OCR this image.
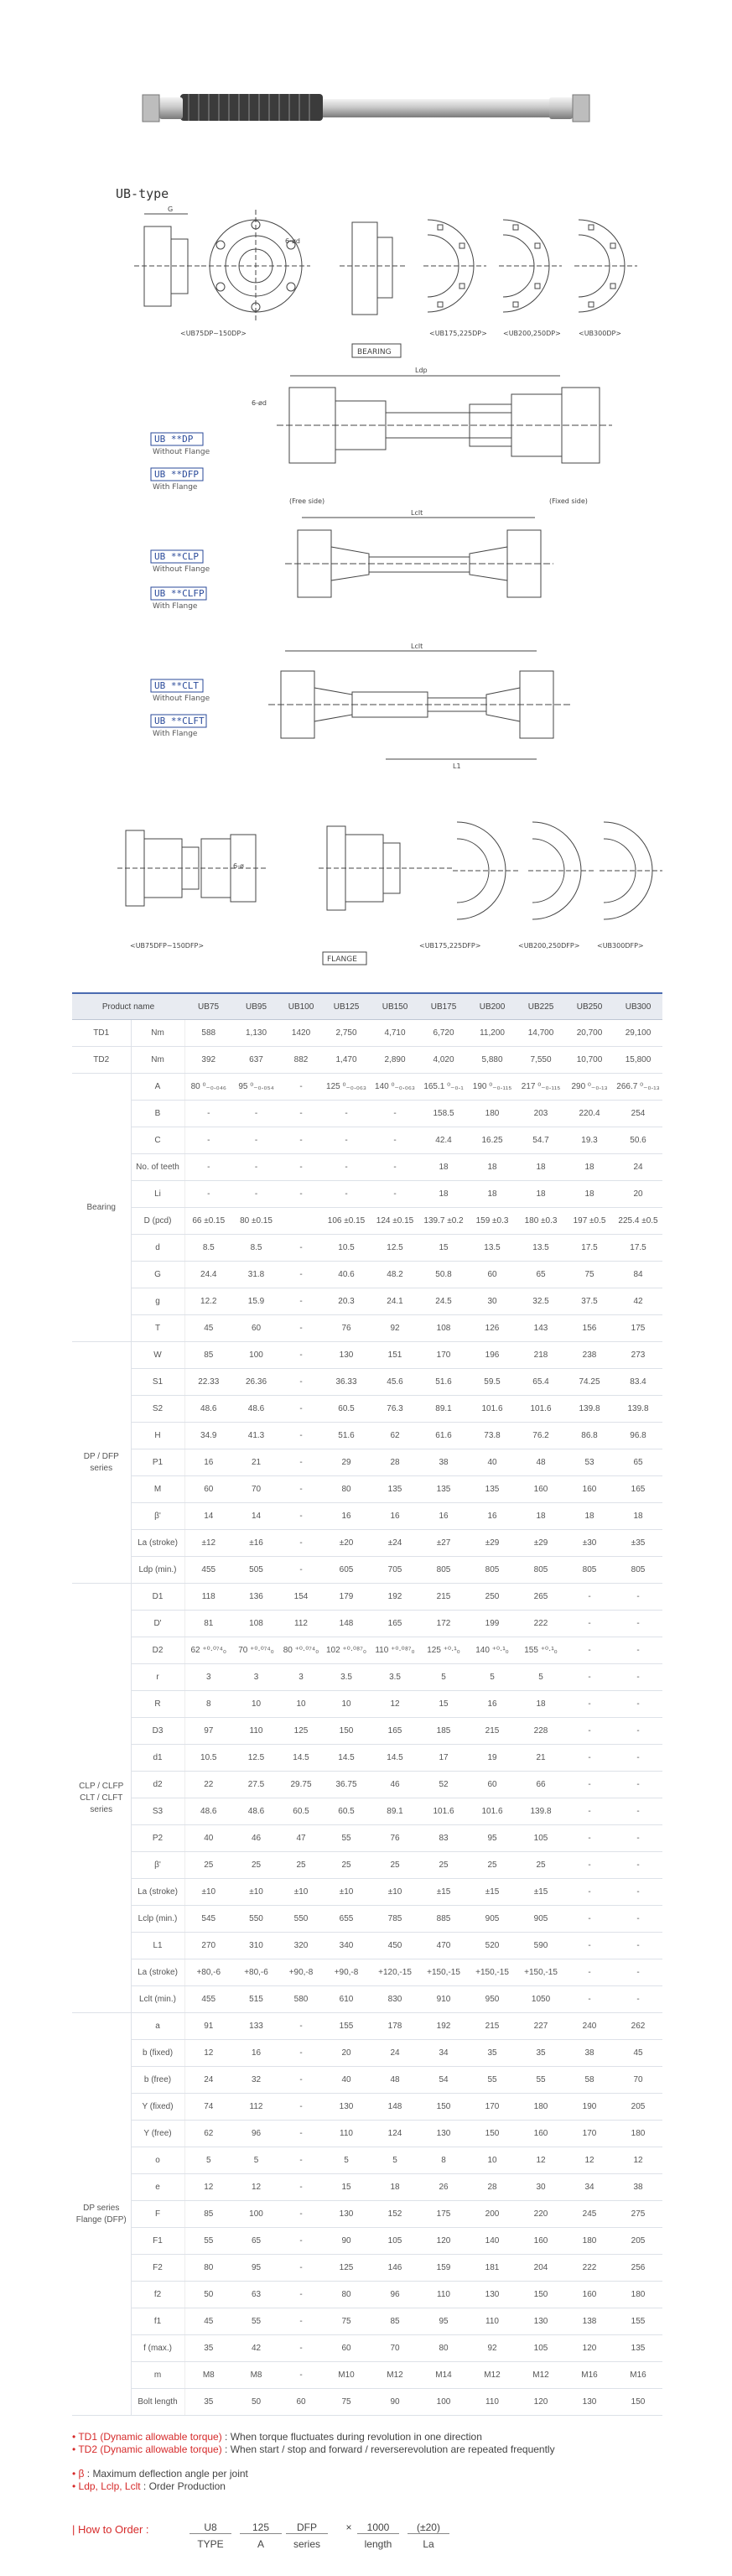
UB-type
G
6-ød
<UB75DP~150DP>	<UB175,225DP> <UB200,250DP>	<UB300DP>
BEARING
Ldp
6-ød
(Free side)	(Fixed side)
UB **DP
Without Flange
UB **DFP
With Flange
Lclt
UB **CLP
Without Flange
UB **CLFP
With Flange
Lclt
L1
UB **CLT
Without Flange
UB **CLFT
With Flange
6-ø
<UB75DFP~150DFP>
FLANGE
<UB175,225DFP>	<UB200,250DFP>	<UB300DFP>
Product name		UB75	UB95	UB100	UB125	UB150	UB175	UB200	UB225	UB250	UB300
TD1	Nm	588	1,130	1420	2,750	4,710	6,720	11,200	14,700	20,700	29,100
TD2	Nm	392	637	882	1,470	2,890	4,020	5,880	7,550	10,700	15,800
Bearing	A	80 ⁰₋₀.₀₄₆	95 ⁰₋₀.₀₅₄	-	125 ⁰₋₀.₀₆₃	140 ⁰₋₀.₀₆₃	165.1 ⁰₋₀.₁	190 ⁰₋₀.₁₁₅	217 ⁰₋₀.₁₁₅	290 ⁰₋₀.₁₃	266.7 ⁰₋₀.₁₃
	B	-	-	-	-	-	158.5	180	203	220.4	254
	C	-	-	-	-	-	42.4	16.25	54.7	19.3	50.6
	No. of teeth	-	-	-	-	-	18	18	18	18	24
	Li	-	-	-	-	-	18	18	18	18	20
	D (pcd)	66 ±0.15	80 ±0.15		106 ±0.15	124 ±0.15	139.7 ±0.2	159 ±0.3	180 ±0.3	197 ±0.5	225.4 ±0.5
	d	8.5	8.5	-	10.5	12.5	15	13.5	13.5	17.5	17.5
	G	24.4	31.8	-	40.6	48.2	50.8	60	65	75	84
	g	12.2	15.9	-	20.3	24.1	24.5	30	32.5	37.5	42
	T	45	60	-	76	92	108	126	143	156	175
DP / DFP series	W	85	100	-	130	151	170	196	218	238	273
	S1	22.33	26.36	-	36.33	45.6	51.6	59.5	65.4	74.25	83.4
	S2	48.6	48.6	-	60.5	76.3	89.1	101.6	101.6	139.8	139.8
	H	34.9	41.3	-	51.6	62	61.6	73.8	76.2	86.8	96.8
	P1	16	21	-	29	28	38	40	48	53	65
	M	60	70	-	80	135	135	135	160	160	165
	β'	14	14	-	16	16	16	16	18	18	18
	La (stroke)	±12	±16	-	±20	±24	±27	±29	±29	±30	±35
	Ldp (min.)	455	505	-	605	705	805	805	805	805	805
CLP / CLFP CLT / CLFT series	D1	118	136	154	179	192	215	250	265	-	-
	D'	81	108	112	148	165	172	199	222	-	-
	D2	62 ⁺⁰·⁰⁷⁴₀	70 ⁺⁰·⁰⁷⁴₀	80 ⁺⁰·⁰⁷⁴₀	102 ⁺⁰·⁰⁸⁷₀	110 ⁺⁰·⁰⁸⁷₀	125 ⁺⁰·¹₀	140 ⁺⁰·¹₀	155 ⁺⁰·¹₀	-	-
	r	3	3	3	3.5	3.5	5	5	5	-	-
	R	8	10	10	10	12	15	16	18	-	-
	D3	97	110	125	150	165	185	215	228	-	-
	d1	10.5	12.5	14.5	14.5	14.5	17	19	21	-	-
	d2	22	27.5	29.75	36.75	46	52	60	66	-	-
	S3	48.6	48.6	60.5	60.5	89.1	101.6	101.6	139.8	-	-
	P2	40	46	47	55	76	83	95	105	-	-
	β'	25	25	25	25	25	25	25	25	-	-
	La (stroke)	±10	±10	±10	±10	±10	±15	±15	±15	-	-
	Lclp (min.)	545	550	550	655	785	885	905	905	-	-
	L1	270	310	320	340	450	470	520	590	-	-
	La (stroke)	+80,-6	+80,-6	+90,-8	+90,-8	+120,-15	+150,-15	+150,-15	+150,-15	-	-
	Lclt (min.)	455	515	580	610	830	910	950	1050	-	-
DP series Flange (DFP)	a	91	133	-	155	178	192	215	227	240	262
	b (fixed)	12	16	-	20	24	34	35	35	38	45
	b (free)	24	32	-	40	48	54	55	55	58	70
	Y (fixed)	74	112	-	130	148	150	170	180	190	205
	Y (free)	62	96	-	110	124	130	150	160	170	180
	o	5	5	-	5	5	8	10	12	12	12
	e	12	12	-	15	18	26	28	30	34	38
	F	85	100	-	130	152	175	200	220	245	275
	F1	55	65	-	90	105	120	140	160	180	205
	F2	80	95	-	125	146	159	181	204	222	256
	f2	50	63	-	80	96	110	130	150	160	180
	f1	45	55	-	75	85	95	110	130	138	155
	f (max.)	35	42	-	60	70	80	92	105	120	135
	m	M8	M8	-	M10	M12	M14	M12	M12	M16	M16
	Bolt length	35	50	60	75	90	100	110	120	130	150
• TD1 (Dynamic allowable torque) : When torque fluctuates during revolution in one direction
• TD2 (Dynamic allowable torque) : When start / stop and forward / reverserevolution are repeated frequently
• β : Maximum deflection angle per joint
• Ldp, Lclp, Lclt : Order Production
| How to Order :	U8
TYPE
125
A
DFP
series
×	1000
length
(±20)
La
